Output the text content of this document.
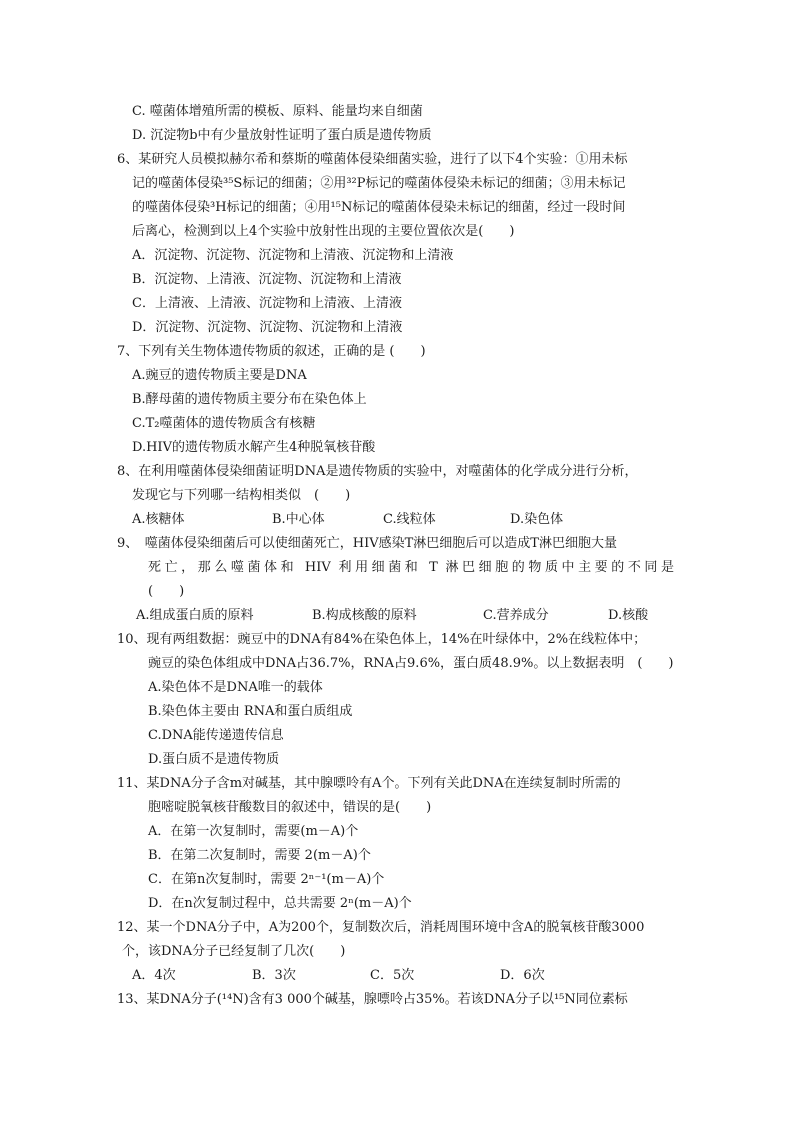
C. 噬菌体增殖所需的模板、原料、能量均来自细菌
D. 沉淀物b中有少量放射性证明了蛋白质是遗传物质
6、某研究人员模拟赫尔希和蔡斯的噬菌体侵染细菌实验，进行了以下4个实验：①用未标
记的噬菌体侵染³⁵S标记的细菌；②用³²P标记的噬菌体侵染未标记的细菌；③用未标记
的噬菌体侵染³H标记的细菌；④用¹⁵N标记的噬菌体侵染未标记的细菌，经过一段时间
后离心，检测到以上4个实验中放射性出现的主要位置依次是(　　)
A．沉淀物、沉淀物、沉淀物和上清液、沉淀物和上清液
B．沉淀物、上清液、沉淀物、沉淀物和上清液
C．上清液、上清液、沉淀物和上清液、上清液
D．沉淀物、沉淀物、沉淀物、沉淀物和上清液
7、下列有关生物体遗传物质的叙述，正确的是 (　　)
A.豌豆的遗传物质主要是DNA
B.酵母菌的遗传物质主要分布在染色体上
C.T₂噬菌体的遗传物质含有核糖
D.HIV的遗传物质水解产生4种脱氧核苷酸
8、在利用噬菌体侵染细菌证明DNA是遗传物质的实验中，对噬菌体的化学成分进行分析，
发现它与下列哪一结构相类似　(　　)
A.核糖体	B.中心体	C.线粒体	D.染色体
9、　噬菌体侵染细菌后可以使细菌死亡，HIV感染T淋巴细胞后可以造成T淋巴细胞大量
死亡，那么噬菌体和 HIV 利用细菌和 T 淋巴细胞的物质中主要的不同是
(　　)
A.组成蛋白质的原料	B.构成核酸的原料	C.营养成分	D.核酸
10、现有两组数据：豌豆中的DNA有84%在染色体上，14%在叶绿体中，2%在线粒体中；
豌豆的染色体组成中DNA占36.7%，RNA占9.6%，蛋白质48.9%。以上数据表明　(　　)
A.染色体不是DNA唯一的载体
B.染色体主要由 RNA和蛋白质组成
C.DNA能传递遗传信息
D.蛋白质不是遗传物质
11、某DNA分子含m对碱基，其中腺嘌呤有A个。下列有关此DNA在连续复制时所需的
胞嘧啶脱氧核苷酸数目的叙述中，错误的是(　　)
A．在第一次复制时，需要(m－A)个
B．在第二次复制时，需要 2(m－A)个
C．在第n次复制时，需要 2ⁿ⁻¹(m－A)个
D．在n次复制过程中，总共需要 2ⁿ(m－A)个
12、某一个DNA分子中，A为200个，复制数次后，消耗周围环境中含A的脱氧核苷酸3000
个，该DNA分子已经复制了几次(　　)
A．4次	B．3次	C．5次	D．6次
13、某DNA分子(¹⁴N)含有3 000个碱基，腺嘌呤占35%。若该DNA分子以¹⁵N同位素标
